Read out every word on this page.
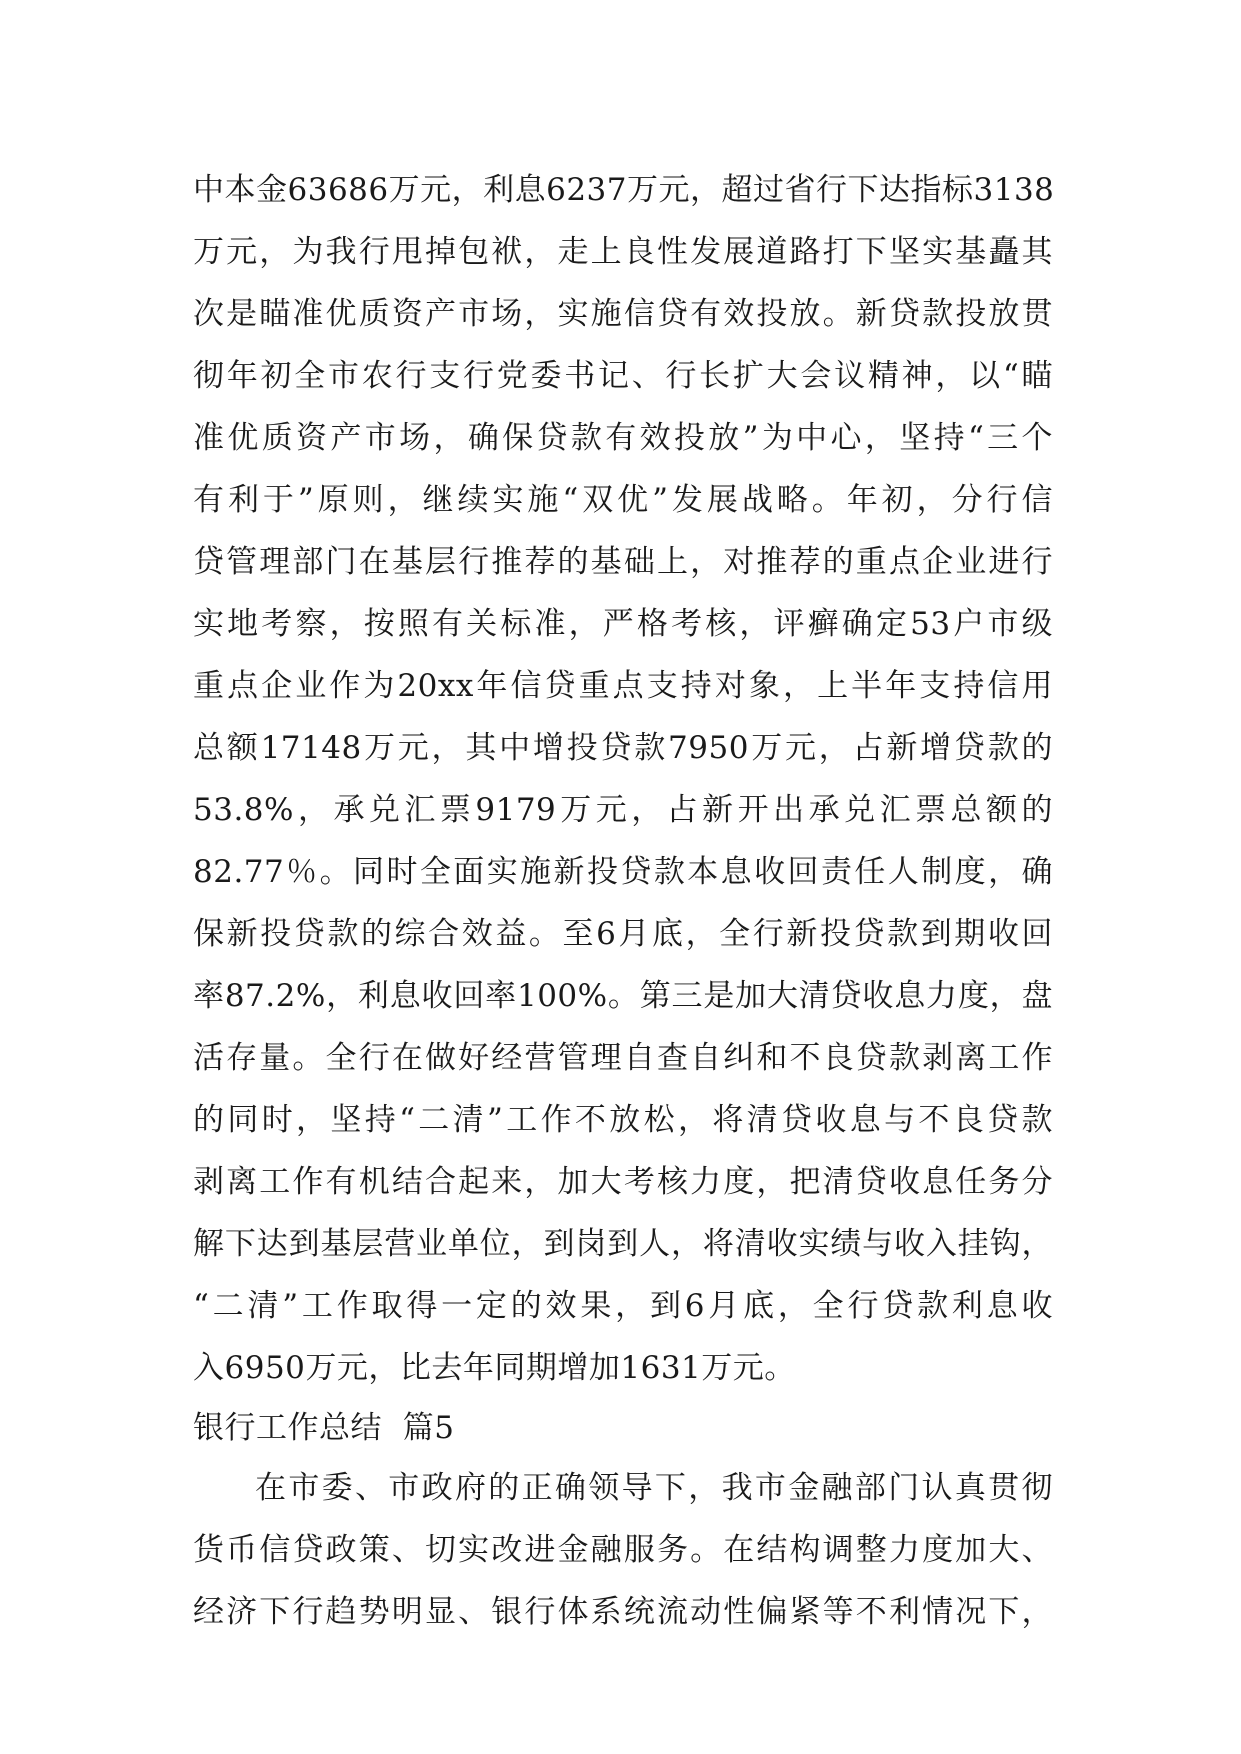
中本金63686万元，利息6237万元，超过省行下达指标3138
万元，为我行甩掉包袱，走上良性发展道路打下坚实基矗其
次是瞄准优质资产市场，实施信贷有效投放。新贷款投放贯
彻年初全市农行支行党委书记、行长扩大会议精神，以“瞄
准优质资产市场，确保贷款有效投放”为中心，坚持“三个
有利于”原则，继续实施“双优”发展战略。年初，分行信
贷管理部门在基层行推荐的基础上，对推荐的重点企业进行
实地考察，按照有关标准，严格考核，评癣确定53户市级
重点企业作为20xx年信贷重点支持对象，上半年支持信用
总额17148万元，其中增投贷款7950万元，占新增贷款的
53.8%，承兑汇票9179万元，占新开出承兑汇票总额的
82.77％。同时全面实施新投贷款本息收回责任人制度，确
保新投贷款的综合效益。至6月底，全行新投贷款到期收回
率87.2%，利息收回率100%。第三是加大清贷收息力度，盘
活存量。全行在做好经营管理自查自纠和不良贷款剥离工作
的同时，坚持“二清”工作不放松，将清贷收息与不良贷款
剥离工作有机结合起来，加大考核力度，把清贷收息任务分
解下达到基层营业单位，到岗到人，将清收实绩与收入挂钩，
“二清”工作取得一定的效果，到6月底，全行贷款利息收
入6950万元，比去年同期增加1631万元。
银行工作总结  篇5
在市委、市政府的正确领导下，我市金融部门认真贯彻
货币信贷政策、切实改进金融服务。在结构调整力度加大、
经济下行趋势明显、银行体系统流动性偏紧等不利情况下，
